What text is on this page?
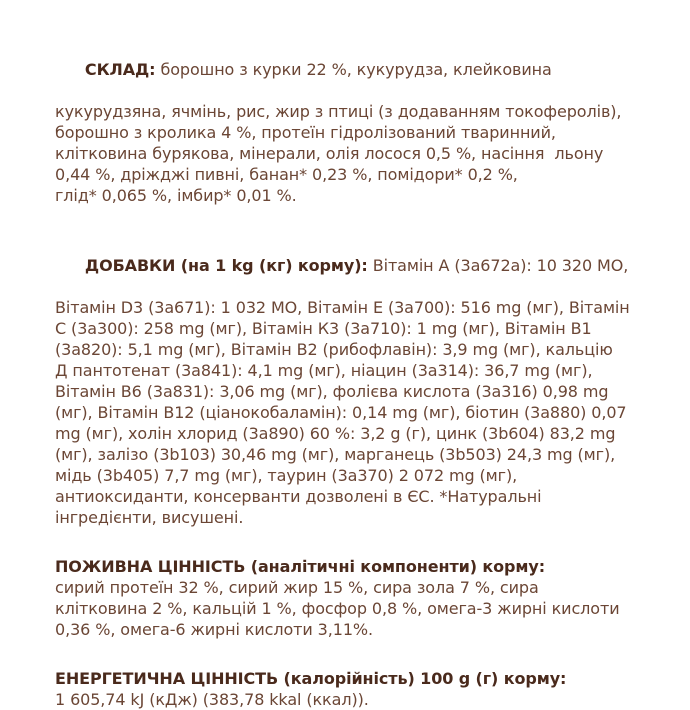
СКЛАД: борошно з курки 22 %, кукурудза, клейковина

кукурудзяна, ячмінь, рис, жир з птиці (з додаванням токоферолів),
борошно з кролика 4 %, протеїн гідролізований тваринний,
клітковина бурякова, мінерали, олія лосося 0,5 %, насіння  льону
0,44 %, дріжджі пивні, банан* 0,23 %, помідори* 0,2 %,
глід* 0,065 %, імбир* 0,01 %.

ДОБАВКИ (на 1 kg (кг) корму): Вітамін А (3а672а): 10 320 МО,

Вітамін D3 (3а671): 1 032 МО, Вітамін Е (3а700): 516 mg (мг), Вітамін
С (3а300): 258 mg (мг), Вітамін К3 (3а710): 1 mg (мг), Вітамін В1
(3а820): 5,1 mg (мг), Вітамін В2 (рибофлавін): 3,9 mg (мг), кальцію
Д пантотенат (3а841): 4,1 mg (мг), ніацин (3а314): 36,7 mg (мг),
Вітамін В6 (3а831): 3,06 mg (мг), фолієва кислота (3а316) 0,98 mg
(мг), Вітамін В12 (ціанокобаламін): 0,14 mg (мг), біотин (3а880) 0,07
mg (мг), холін хлорид (3а890) 60 %: 3,2 g (г), цинк (3b604) 83,2 mg
(мг), залізо (3b103) 30,46 mg (мг), марганець (3b503) 24,3 mg (мг),
мідь (3b405) 7,7 mg (мг), таурин (3а370) 2 072 mg (мг),
антиоксиданти, консерванти дозволені в ЄС. *Натуральні
інгредієнти, висушені.
ПОЖИВНА ЦІННІСТЬ (аналітичні компоненти) корму:
сирий протеїн 32 %, сирий жир 15 %, сира зола 7 %, сира
клітковина 2 %, кальцій 1 %, фосфор 0,8 %, омега-3 жирні кислоти
0,36 %, омега-6 жирні кислоти 3,11%.
ЕНЕРГЕТИЧНА ЦІННІСТЬ (калорійність) 100 g (г) корму:
1 605,74 kJ (кДж) (383,78 kkal (ккал)).
